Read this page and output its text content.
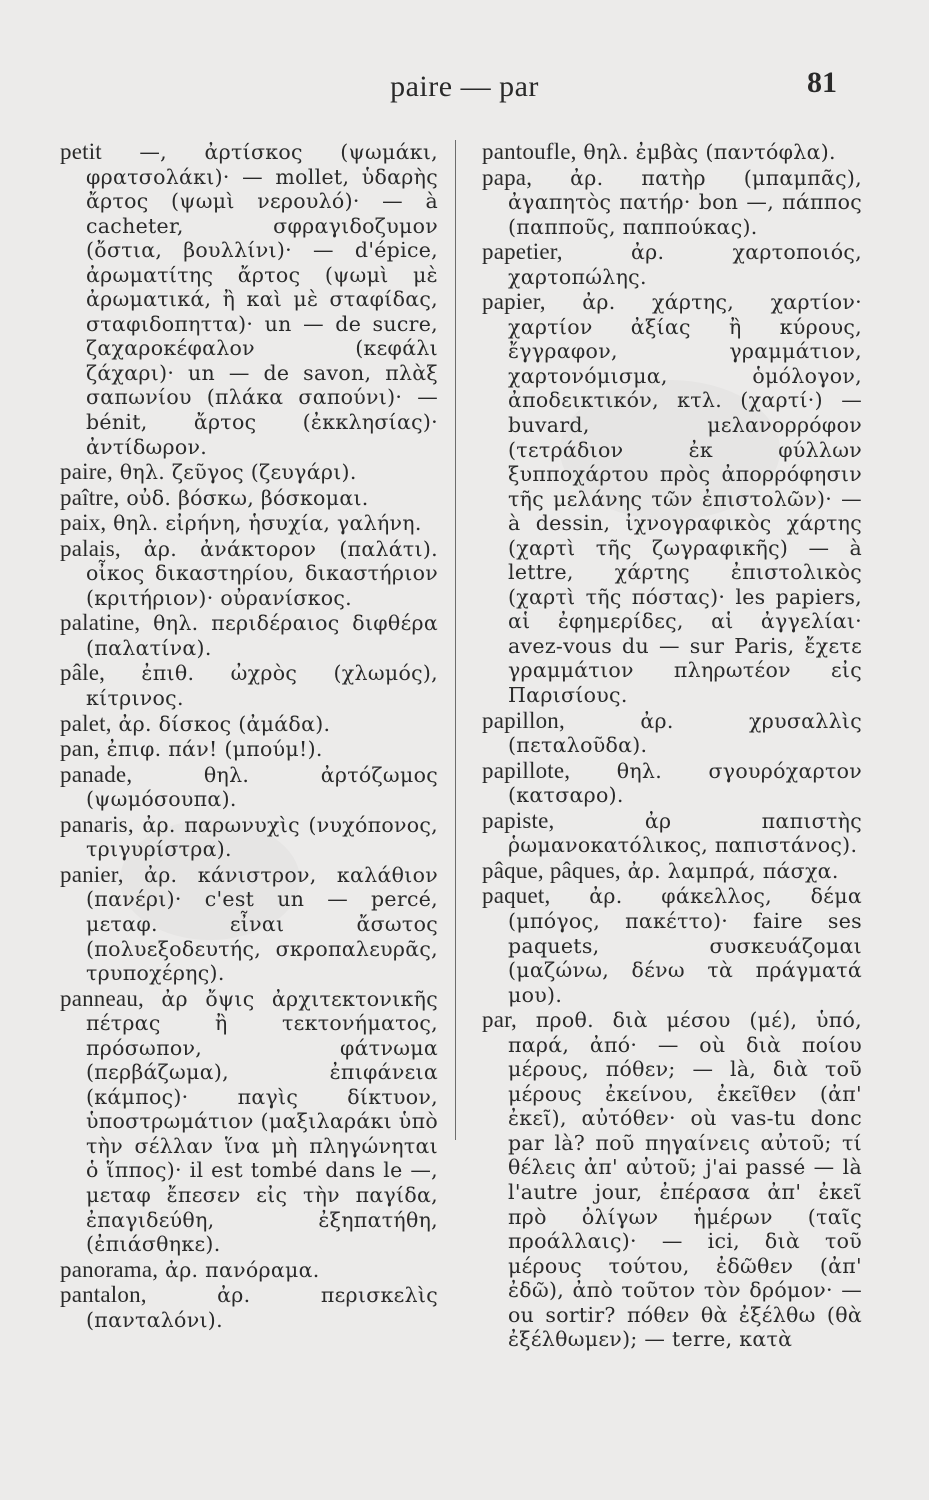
paire — par	81

petit —, ἀρτίσκος (ψωμάκι, φρατσολάκι)· — mollet, ὑδαρὴς ἄρτος (ψωμὶ νερουλό)· — à cacheter, σφραγιδοζυμον (ὄστια, βουλλίνι)· — d'épice, ἀρωματίτης ἄρτος (ψωμὶ μὲ ἀρωματικά, ἢ καὶ μὲ σταφίδας, σταφιδοπηττα)· un — de sucre, ζαχαροκέφαλον (κεφάλι ζάχαρι)· un — de savon, πλὰξ σαπωνίου (πλάκα σαπούνι)· — bénit, ἄρτος (ἐκκλησίας)· ἀντίδωρον.

paire, θηλ. ζεῦγος (ζευγάρι).

paître, οὐδ. βόσκω, βόσκομαι.

paix, θηλ. εἰρήνη, ἡσυχία, γαλήνη.

palais, ἀρ. ἀνάκτορον (παλάτι). οἶκος δικαστηρίου, δικαστήριον (κριτήριον)· οὐρανίσκος.

palatine, θηλ. περιδέραιος διφθέρα (παλατίνα).

pâle, ἐπιθ. ὠχρὸς (χλωμός), κίτρινος.

palet, ἀρ. δίσκος (ἀμάδα).

pan, ἐπιφ. πάν! (μπούμ!).

panade, θηλ. ἀρτόζωμος (ψωμόσουπα).

panaris, ἀρ. παρωνυχὶς (νυχόπονος, τριγυρίστρα).

panier, ἀρ. κάνιστρον, καλάθιον (πανέρι)· c'est un — percé, μεταφ. εἶναι ἄσωτος (πολυεξοδευτής, σκροπαλευρᾶς, τρυποχέρης).

panneau, ἀρ ὄψις ἀρχιτεκτονικῆς πέτρας ἢ τεκτονήματος, πρόσωπον, φάτνωμα (περβάζωμα), ἐπιφάνεια (κάμπος)· παγὶς δίκτυον, ὑποστρωμάτιον (μαξιλαράκι ὑπὸ τὴν σέλλαν ἵνα μὴ πληγώνηται ὁ ἵππος)· il est tombé dans le —, μεταφ ἔπεσεν εἰς τὴν παγίδα, ἐπαγιδεύθη, ἐξηπατήθη, (ἐπιάσθηκε).

panorama, ἀρ. πανόραμα.

pantalon, ἀρ. περισκελὶς (πανταλόνι).

pantoufle, θηλ. ἐμβὰς (παντόφλα).

papa, ἀρ. πατὴρ (μπαμπᾶς), ἀγαπητὸς πατήρ· bon —, πάππος (παπποῦς, παππούκας).

papetier, ἀρ. χαρτοποιός, χαρτοπώλης.

papier, ἀρ. χάρτης, χαρτίον· χαρτίον ἀξίας ἢ κύρους, ἔγγραφον, γραμμάτιον, χαρτονόμισμα, ὁμόλογον, ἀποδεικτικόν, κτλ. (χαρτί·) — buvard, μελανορρόφον (τετράδιον ἐκ φύλλων ξυπποχάρτου πρὸς ἀπορρόφησιν τῆς μελάνης τῶν ἐπιστολῶν)· — à dessin, ἰχνογραφικὸς χάρτης (χαρτὶ τῆς ζωγραφικῆς) — à lettre, χάρτης ἐπιστολικὸς (χαρτὶ τῆς πόστας)· les papiers, αἱ ἐφημερίδες, αἱ ἀγγελίαι· avez-vous du — sur Paris, ἔχετε γραμμάτιον πληρωτέον εἰς Παρισίους.

papillon, ἀρ. χρυσαλλὶς (πεταλοῦδα).

papillote, θηλ. σγουρόχαρτον (κατσαρο).

papiste, ἀρ παπιστὴς ῥωμανοκατόλικος, παπιστάνος).

pâque, pâques, ἀρ. λαμπρά, πάσχα.

paquet, ἀρ. φάκελλος, δέμα (μπόγος, πακέττο)· faire ses paquets, συσκευάζομαι (μαζώνω, δένω τὰ πράγματά μου).

par, προθ. διὰ μέσου (μέ), ὑπό, παρά, ἀπό· — où διὰ ποίου μέρους, πόθεν; — là, διὰ τοῦ μέρους ἐκείνου, ἐκεῖθεν (ἀπ' ἐκεῖ), αὐτόθεν· où vas-tu donc par là? ποῦ πηγαίνεις αὐτοῦ; τί θέλεις ἀπ' αὐτοῦ; j'ai passé — là l'autre jour, ἐπέρασα ἀπ' ἐκεῖ πρὸ ὀλίγων ἡμέρων (ταῖς προάλλαις)· — ici, διὰ τοῦ μέρους τούτου, ἐδῶθεν (ἀπ' ἐδῶ), ἀπὸ τοῦτον τὸν δρόμον· — ou sortir? πόθεν θὰ ἐξέλθω (θὰ ἐξέλθωμεν); — terre, κατὰ
